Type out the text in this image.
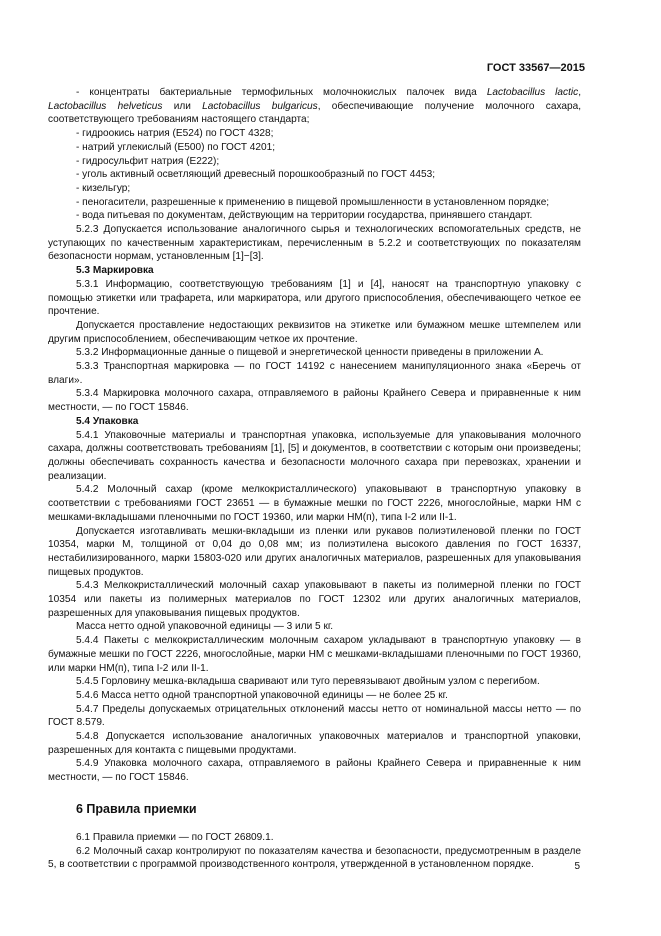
ГОСТ 33567—2015

- концентраты бактериальные термофильных молочнокислых палочек вида Lactobacillus lactic, Lactobacillus helveticus или Lactobacillus bulgaricus, обеспечивающие получение молочного сахара, соответствующего требованиям настоящего стандарта;

- гидроокись натрия (Е524) по ГОСТ 4328;

- натрий углекислый (Е500) по ГОСТ 4201;

- гидросульфит натрия (Е222);

- уголь активный осветляющий древесный порошкообразный по ГОСТ 4453;

- кизельгур;

- пеногасители, разрешенные к применению в пищевой промышленности в установленном порядке;

- вода питьевая по документам, действующим на территории государства, принявшего стандарт.

5.2.3 Допускается использование аналогичного сырья и технологических вспомогательных средств, не уступающих по качественным характеристикам, перечисленным в 5.2.2 и соответствующих по показателям безопасности нормам, установленным [1]−[3].

5.3 Маркировка

5.3.1 Информацию, соответствующую требованиям [1] и [4], наносят на транспортную упаковку с помощью этикетки или трафарета, или маркиратора, или другого приспособления, обеспечивающего четкое ее прочтение.

Допускается проставление недостающих реквизитов на этикетке или бумажном мешке штемпелем или другим приспособлением, обеспечивающим четкое их прочтение.

5.3.2 Информационные данные о пищевой и энергетической ценности приведены в приложении А.

5.3.3 Транспортная маркировка — по ГОСТ 14192 с нанесением манипуляционного знака «Беречь от влаги».

5.3.4 Маркировка молочного сахара, отправляемого в районы Крайнего Севера и приравненные к ним местности, — по ГОСТ 15846.

5.4 Упаковка

5.4.1 Упаковочные материалы и транспортная упаковка, используемые для упаковывания молочного сахара, должны соответствовать требованиям [1], [5] и документов, в соответствии с которым они произведены; должны обеспечивать сохранность качества и безопасности молочного сахара при перевозках, хранении и реализации.

5.4.2 Молочный сахар (кроме мелкокристаллического) упаковывают в транспортную упаковку в соответствии с требованиями ГОСТ 23651 — в бумажные мешки по ГОСТ 2226, многослойные, марки НМ с мешками-вкладышами пленочными по ГОСТ 19360, или марки НМ(п), типа I-2 или II-1.

Допускается изготавливать мешки-вкладыши из пленки или рукавов полиэтиленовой пленки по ГОСТ 10354, марки М, толщиной от 0,04 до 0,08 мм; из полиэтилена высокого давления по ГОСТ 16337, нестабилизированного, марки 15803-020 или других аналогичных материалов, разрешенных для упаковывания пищевых продуктов.

5.4.3 Мелкокристаллический молочный сахар упаковывают в пакеты из полимерной пленки по ГОСТ 10354 или пакеты из полимерных материалов по ГОСТ 12302 или других аналогичных материалов, разрешенных для упаковывания пищевых продуктов.

Масса нетто одной упаковочной единицы — 3 или 5 кг.

5.4.4 Пакеты с мелкокристаллическим молочным сахаром укладывают в транспортную упаковку — в бумажные мешки по ГОСТ 2226, многослойные, марки НМ с мешками-вкладышами пленочными по ГОСТ 19360, или марки НМ(п), типа I-2 или II-1.

5.4.5 Горловину мешка-вкладыша сваривают или туго перевязывают двойным узлом с перегибом.

5.4.6 Масса нетто одной транспортной упаковочной единицы — не более 25 кг.

5.4.7 Пределы допускаемых отрицательных отклонений массы нетто от номинальной массы нетто — по ГОСТ 8.579.

5.4.8 Допускается использование аналогичных упаковочных материалов и транспортной упаковки, разрешенных для контакта с пищевыми продуктами.

5.4.9 Упаковка молочного сахара, отправляемого в районы Крайнего Севера и приравненные к ним местности, — по ГОСТ 15846.

6 Правила приемки

6.1 Правила приемки — по ГОСТ 26809.1.

6.2 Молочный сахар контролируют по показателям качества и безопасности, предусмотренным в разделе 5, в соответствии с программой производственного контроля, утвержденной в установленном порядке.	5
